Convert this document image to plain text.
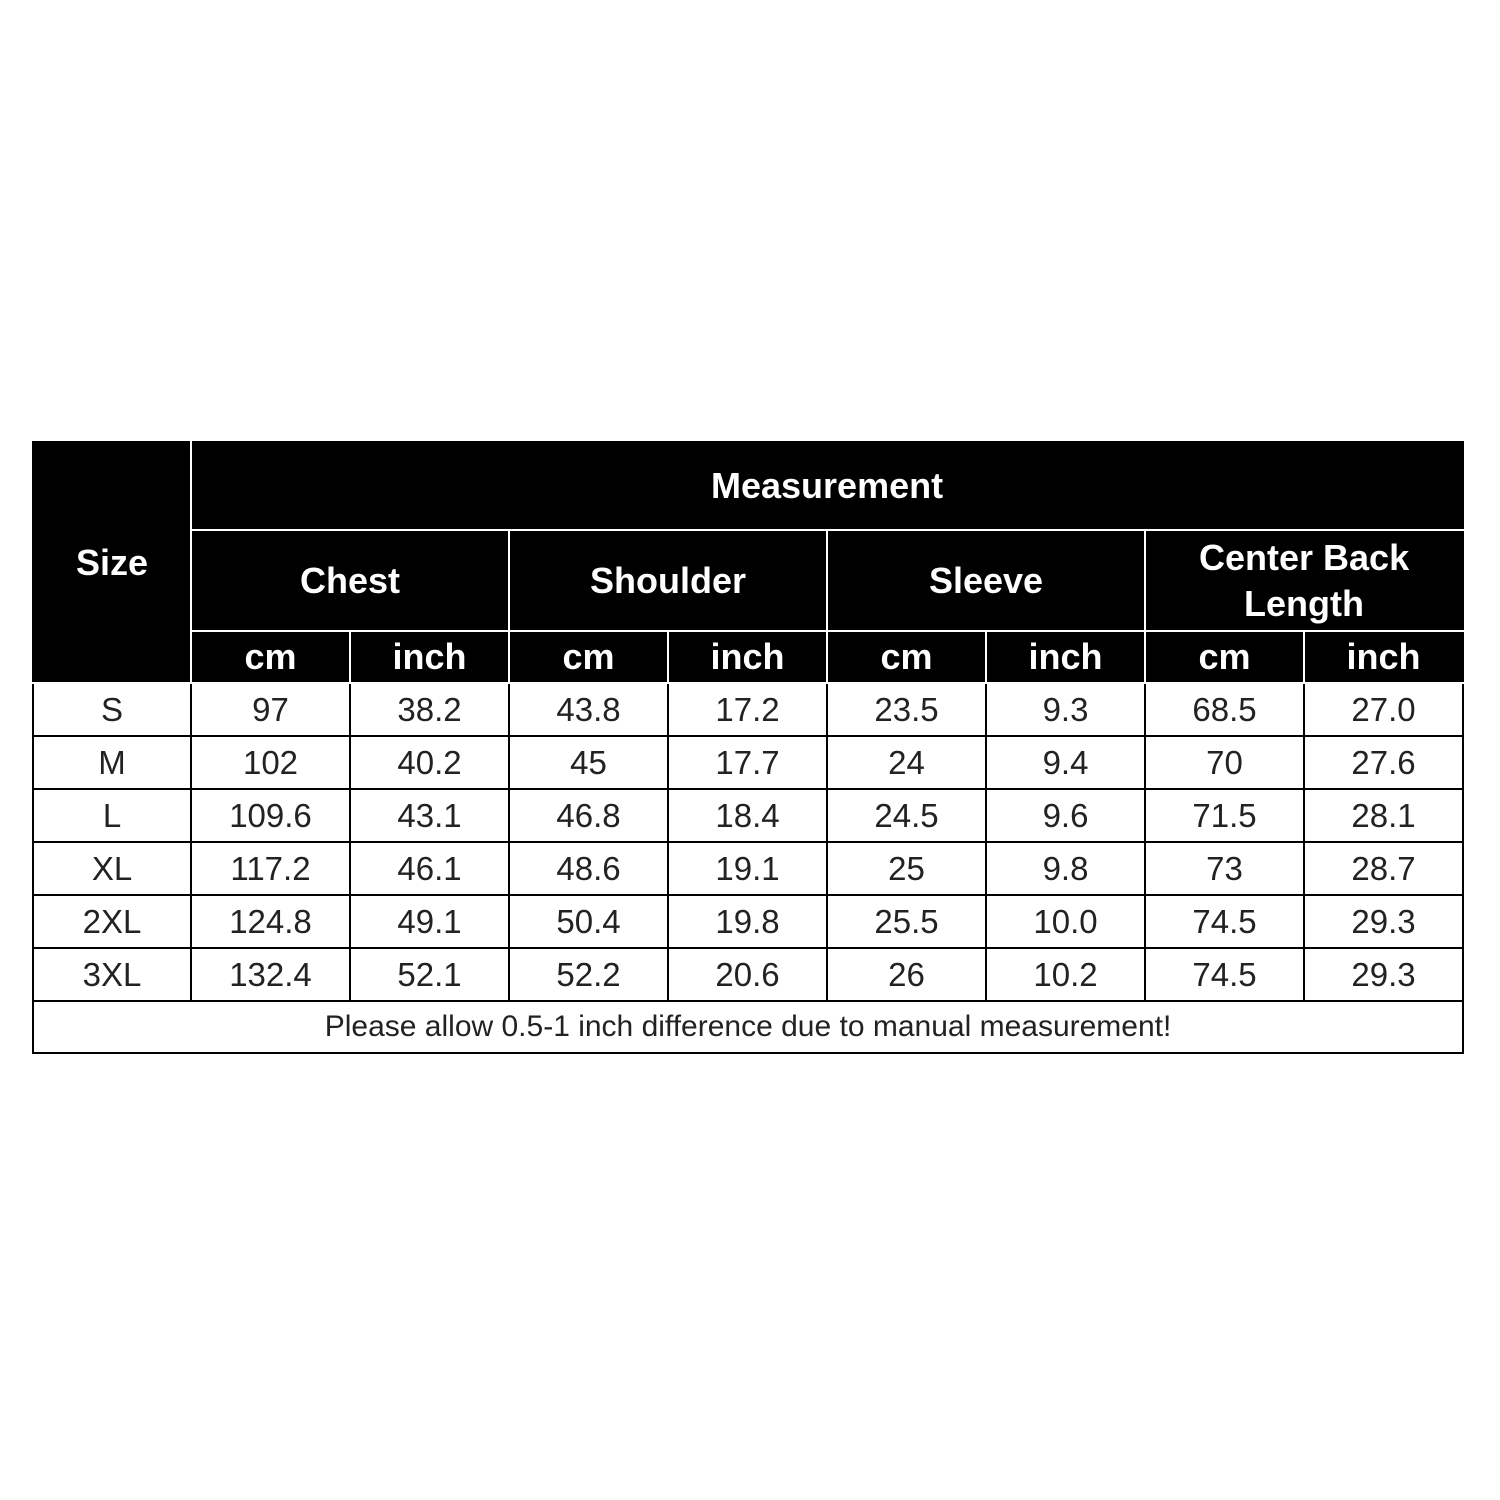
Size	Measurement							
	Chest		Shoulder		Sleeve		Center Back Length	
	cm	inch	cm	inch	cm	inch	cm	inch
S	97	38.2	43.8	17.2	23.5	9.3	68.5	27.0
M	102	40.2	45	17.7	24	9.4	70	27.6
L	109.6	43.1	46.8	18.4	24.5	9.6	71.5	28.1
XL	117.2	46.1	48.6	19.1	25	9.8	73	28.7
2XL	124.8	49.1	50.4	19.8	25.5	10.0	74.5	29.3
3XL	132.4	52.1	52.2	20.6	26	10.2	74.5	29.3
Please allow 0.5-1 inch difference due to manual measurement!								
